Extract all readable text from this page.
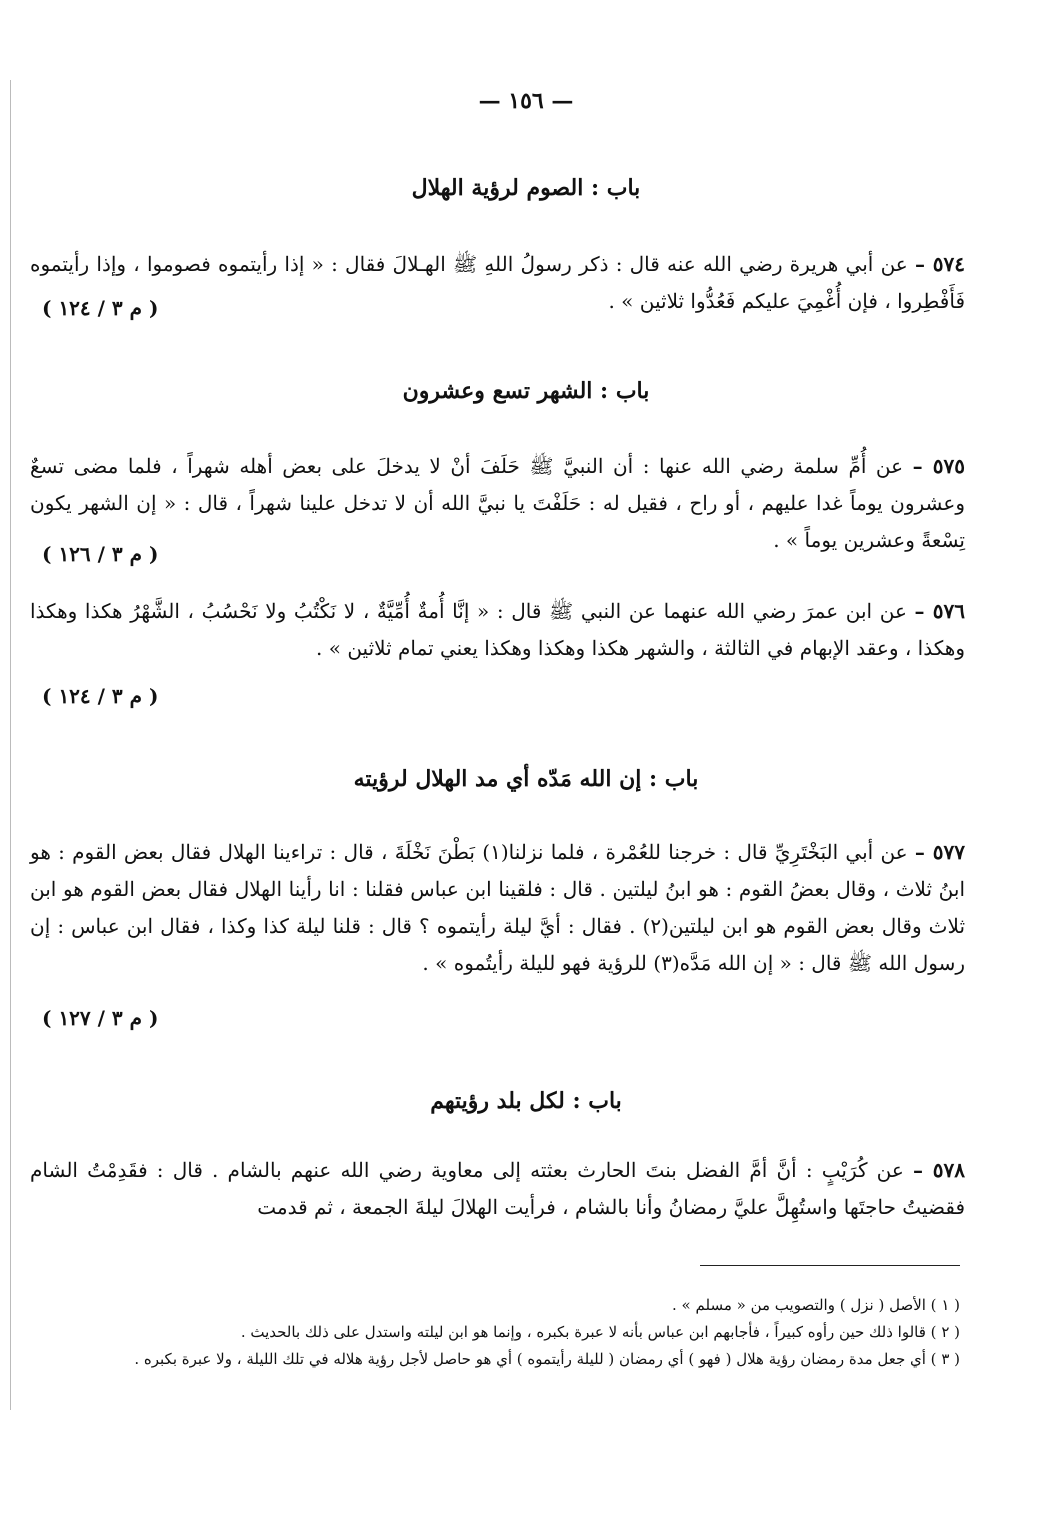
— ١٥٦ —
باب : الصوم لرؤية الهلال
٥٧٤ – عن أبي هريرة رضي الله عنه قال : ذكر رسولُ اللهِ ﷺ الهـلالَ فقال : « إذا رأيتموه فصوموا ، وإذا رأيتموه فَأَفْطِروا ، فإن أُغْمِيَ عليكم فَعُدُّوا ثلاثين » .
( م ٣ / ١٢٤ )
باب : الشهر تسع وعشرون
٥٧٥ – عن أُمِّ سلمة رضي الله عنها : أن النبيَّ ﷺ حَلَفَ أنْ لا يدخلَ على بعض أهله شهراً ، فلما مضى تسعٌ وعشرون يوماً غدا عليهم ، أو راح ، فقيل له : حَلَفْتَ يا نبيَّ الله أن لا تدخل علينا شهراً ، قال : « إن الشهر يكون تِسْعةً وعشرين يوماً » .
( م ٣ / ١٢٦ )
٥٧٦ – عن ابن عمرَ رضي الله عنهما عن النبي ﷺ قال : « إنَّا أُمةٌ أُمِّيَّةٌ ، لا نَكْتُبُ ولا نَحْسُبُ ، الشَّهْرُ هكذا وهكذا وهكذا ، وعقد الإبهام في الثالثة ، والشهر هكذا وهكذا وهكذا يعني تمام ثلاثين » .
( م ٣ / ١٢٤ )
باب : إن الله مَدّه أي مد الهلال لرؤيته
٥٧٧ – عن أبي البَخْتَرِيِّ قال : خرجنا للعُمْرة ، فلما نزلنا(١) بَطْنَ نَخْلَةَ ، قال : تراءينا الهلال فقال بعض القوم : هو ابنُ ثلاث ، وقال بعضُ القوم : هو ابنُ ليلتين . قال : فلقينا ابن عباس فقلنا : انا رأينا الهلال فقال بعض القوم هو ابن ثلاث وقال بعض القوم هو ابن ليلتين(٢) . فقال : أيَّ ليلة رأيتموه ؟ قال : قلنا ليلة كذا وكذا ، فقال ابن عباس : إن رسول الله ﷺ قال : « إن الله مَدَّه(٣) للرؤية فهو لليلة رأيتُموه » .
( م ٣ / ١٢٧ )
باب : لكل بلد رؤيتهم
٥٧٨ – عن كُرَيْبٍ : أنَّ أمَّ الفضل بنتَ الحارث بعثته إلى معاوية رضي الله عنهم بالشام . قال : فقَدِمْتُ الشام فقضيتُ حاجتَها واستُهِلَّ عليَّ رمضانُ وأنا بالشام ، فرأيت الهلالَ ليلةَ الجمعة ، ثم قدمت

( ١ ) الأصل ( نزل ) والتصويب من « مسلم » .

( ٢ ) قالوا ذلك حين رأوه كبيراً ، فأجابهم ابن عباس بأنه لا عبرة بكبره ، وإنما هو ابن ليلته واستدل على ذلك بالحديث .

( ٣ ) أي جعل مدة رمضان رؤية هلال ( فهو ) أي رمضان ( لليلة رأيتموه ) أي هو حاصل لأجل رؤية هلاله في تلك الليلة ، ولا عبرة بكبره .
